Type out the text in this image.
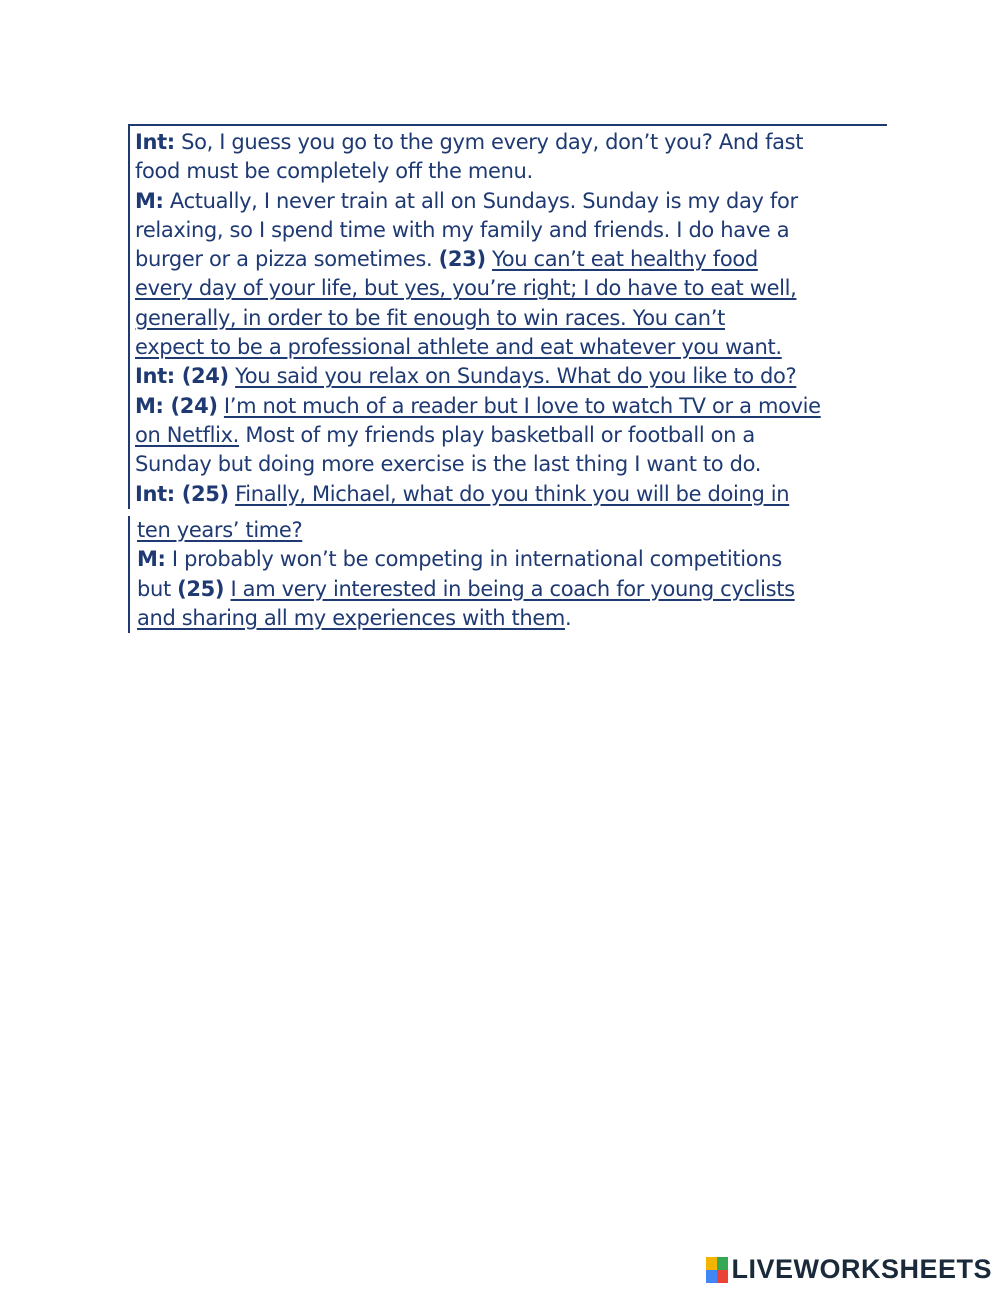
Int: So, I guess you go to the gym every day, don’t you? And fast
food must be completely off the menu.
M: Actually, I never train at all on Sundays. Sunday is my day for
relaxing, so I spend time with my family and friends. I do have a
burger or a pizza sometimes. (23) You can’t eat healthy food
every day of your life, but yes, you’re right; I do have to eat well,
generally, in order to be fit enough to win races. You can’t
expect to be a professional athlete and eat whatever you want.
Int: (24) You said you relax on Sundays. What do you like to do?
M: (24) I’m not much of a reader but I love to watch TV or a movie
on Netflix. Most of my friends play basketball or football on a
Sunday but doing more exercise is the last thing I want to do.
Int: (25) Finally, Michael, what do you think you will be doing in
ten years’ time?
M: I probably won’t be competing in international competitions
but (25) I am very interested in being a coach for young cyclists
and sharing all my experiences with them.
LIVEWORKSHEETS
